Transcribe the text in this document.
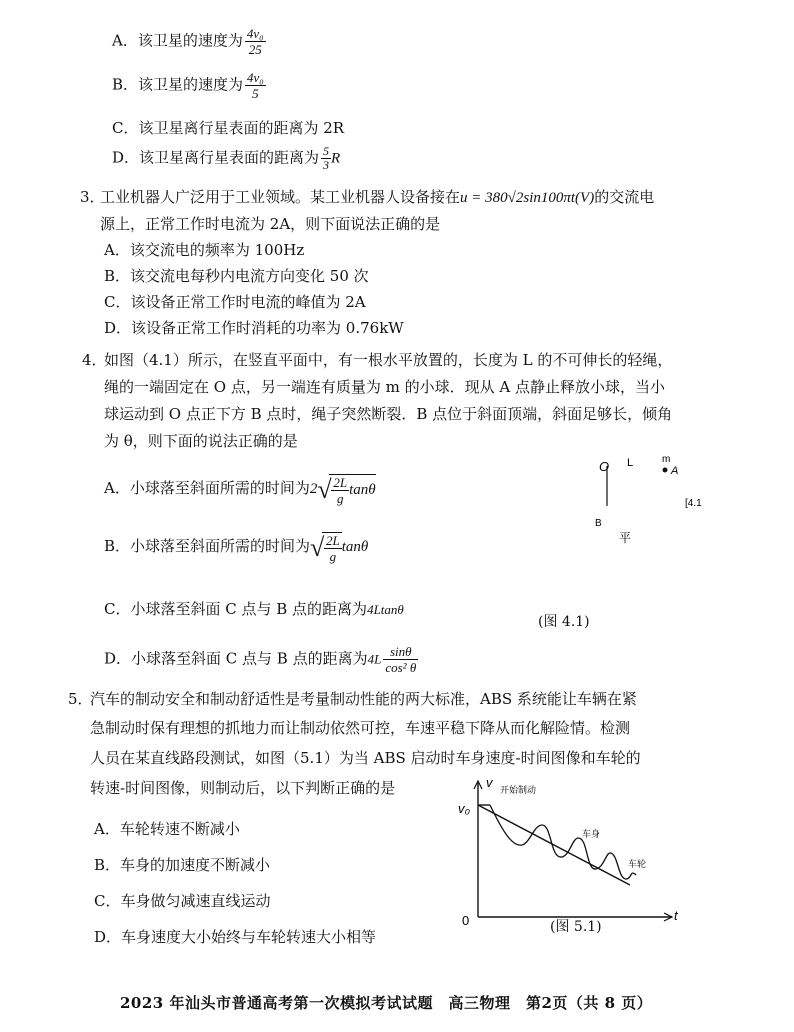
A．该卫星的速度为 $\frac{\text{4v₀}}{25}$
B．该卫星的速度为 $\frac{\text{4v₀}}{5}$
C．该卫星离行星表面的距离为 2R
D．该卫星离行星表面的距离为 $\frac{5}{3}$ R
3．
工业机器人广泛用于工业领域。某工业机器人设备接在u = 380√2sin100πt(V)的交流电
源上，正常工作时电流为 2A，则下面说法正确的是
A．该交流电的频率为 100Hz
B．该交流电每秒内电流方向变化 50 次
C．该设备正常工作时电流的峰值为 2A
D．该设备正常工作时消耗的功率为 0.76kW
4．
如图（4.1）所示，在竖直平面中，有一根水平放置的，长度为 L 的不可伸长的轻绳，
绳的一端固定在 O 点，另一端连有质量为 m 的小球．现从 A 点静止释放小球，当小
球运动到 O 点正下方 B 点时，绳子突然断裂．B 点位于斜面顶端，斜面足够长，倾角
为 θ，则下面的说法正确的是
A．小球落至斜面所需的时间为2 √ $\frac{2L}{g}$ tanθ
B．小球落至斜面所需的时间为 √ $\frac{2L}{g}$ tanθ
C．小球落至斜面 C 点与 B 点的距离为4Ltanθ
D．小球落至斜面 C 点与 B 点的距离为$4L \frac{\sin\theta}{\text{cos² θ}}$
O L	m
A
B
平
[4.1
(图 4.1)
5．
汽车的制动安全和制动舒适性是考量制动性能的两大标准，ABS 系统能让车辆在紧
急制动时保有理想的抓地力而让制动依然可控，车速平稳下降从而化解险情。检测
人员在某直线路段测试，如图（5.1）为当 ABS 启动时车身速度-时间图像和车轮的
转速-时间图像，则制动后，以下判断正确的是
A．车轮转速不断减小
B．车身的加速度不断减小
C．车身做匀减速直线运动
D．车身速度大小始终与车轮转速大小相等
v
t
0
v₀
开始制动
车身
车轮
(图 5.1)
2023 年汕头市普通高考第一次模拟考试试题　高三物理　第2页（共 8 页）
